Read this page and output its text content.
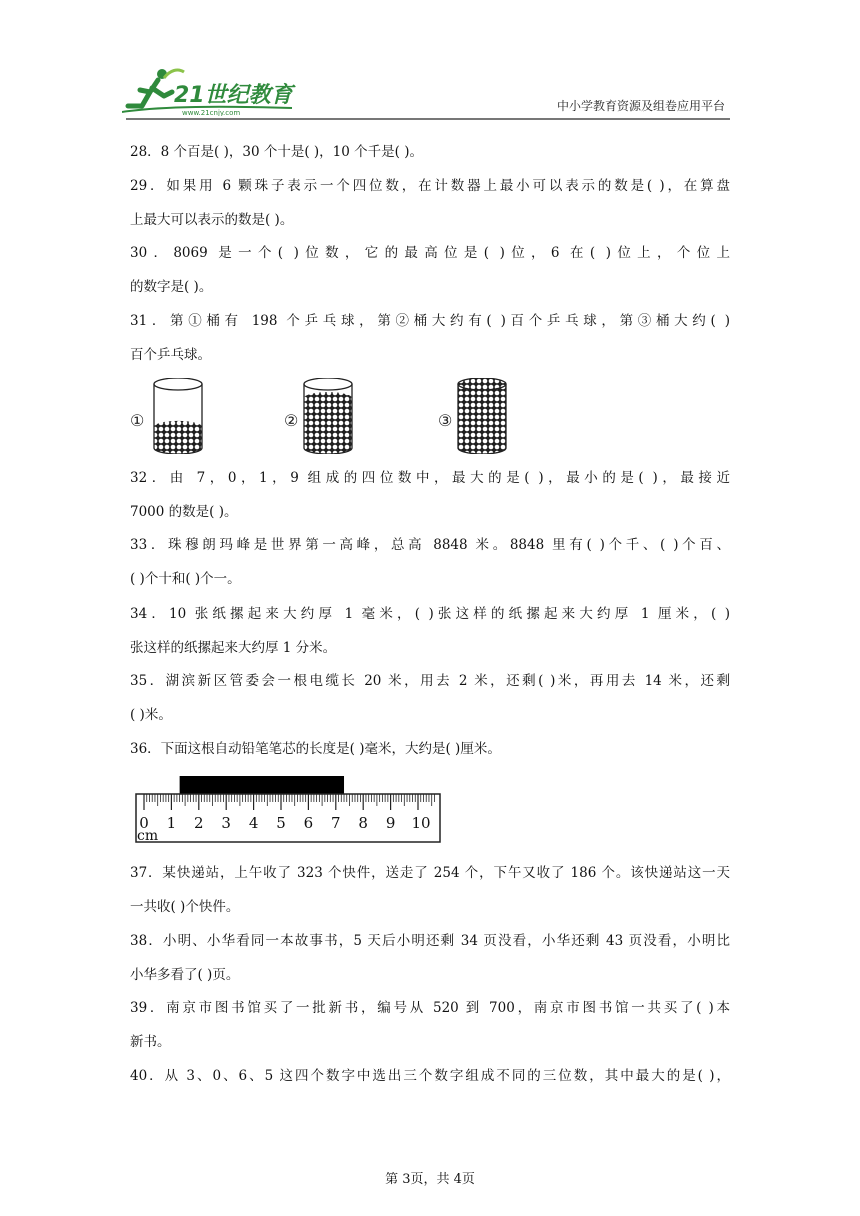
21世纪教育
www.21cnjy.com	中小学教育资源及组卷应用平台
28．8 个百是( )，30 个十是( )，10 个千是( )。
29．如果用 6 颗珠子表示一个四位数，在计数器上最小可以表示的数是( )，在算盘
上最大可以表示的数是( )。
30．8069 是一个( )位数，它的最高位是( )位，6 在( )位上，个位上
的数字是( )。
31．第①桶有 198 个乒乓球，第②桶大约有( )百个乒乓球，第③桶大约( )
百个乒乓球。
①	②	③
32．由 7，0，1，9 组成的四位数中，最大的是( )，最小的是( )，最接近
7000 的数是( )。
33．珠穆朗玛峰是世界第一高峰，总高 8848 米。8848 里有( )个千、( )个百、
( )个十和( )个一。
34．10 张纸摞起来大约厚 1 毫米，( )张这样的纸摞起来大约厚 1 厘米，( )
张这样的纸摞起来大约厚 1 分米。
35．湖滨新区管委会一根电缆长 20 米，用去 2 米，还剩( )米，再用去 14 米，还剩
( )米。
36．下面这根自动铅笔笔芯的长度是( )毫米，大约是( )厘米。
0 1 2 3 4 5 6 7 8 9 10
cm
37．某快递站，上午收了 323 个快件，送走了 254 个，下午又收了 186 个。该快递站这一天
一共收( )个快件。
38．小明、小华看同一本故事书，5 天后小明还剩 34 页没看，小华还剩 43 页没看，小明比
小华多看了( )页。
39．南京市图书馆买了一批新书，编号从 520 到 700，南京市图书馆一共买了( )本
新书。
40．从 3、0、6、5 这四个数字中选出三个数字组成不同的三位数，其中最大的是( )，
第 3页，共 4页
